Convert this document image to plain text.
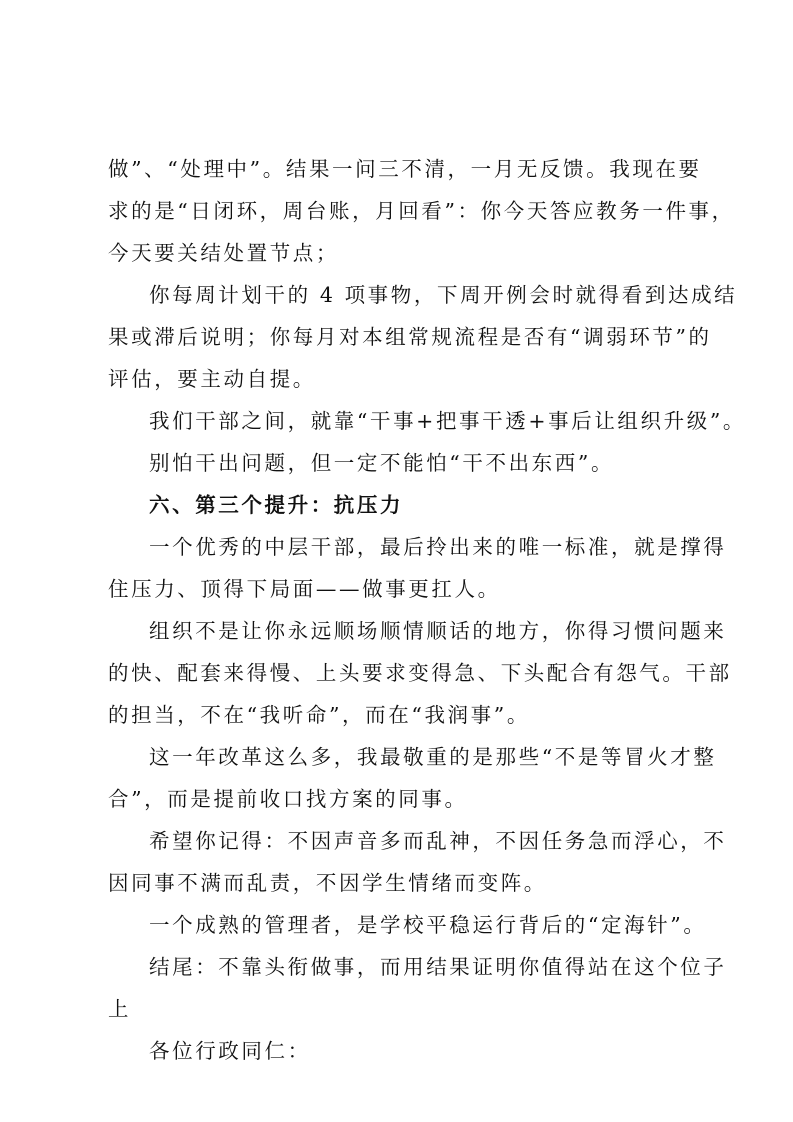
做”、“处理中”。结果一问三不清，一月无反馈。我现在要
求的是“日闭环，周台账，月回看”：你今天答应教务一件事，
今天要关结处置节点；
你每周计划干的 4 项事物，下周开例会时就得看到达成结
果或滞后说明；你每月对本组常规流程是否有“调弱环节”的
评估，要主动自提。
我们干部之间，就靠“干事+把事干透+事后让组织升级”。
别怕干出问题，但一定不能怕“干不出东西”。
六、第三个提升：抗压力
一个优秀的中层干部，最后拎出来的唯一标准，就是撑得
住压力、顶得下局面——做事更扛人。
组织不是让你永远顺场顺情顺话的地方，你得习惯问题来
的快、配套来得慢、上头要求变得急、下头配合有怨气。干部
的担当，不在“我听命”，而在“我润事”。
这一年改革这么多，我最敬重的是那些“不是等冒火才整
合”，而是提前收口找方案的同事。
希望你记得：不因声音多而乱神，不因任务急而浮心，不
因同事不满而乱责，不因学生情绪而变阵。
一个成熟的管理者，是学校平稳运行背后的“定海针”。
结尾：不靠头衔做事，而用结果证明你值得站在这个位子
上
各位行政同仁：
